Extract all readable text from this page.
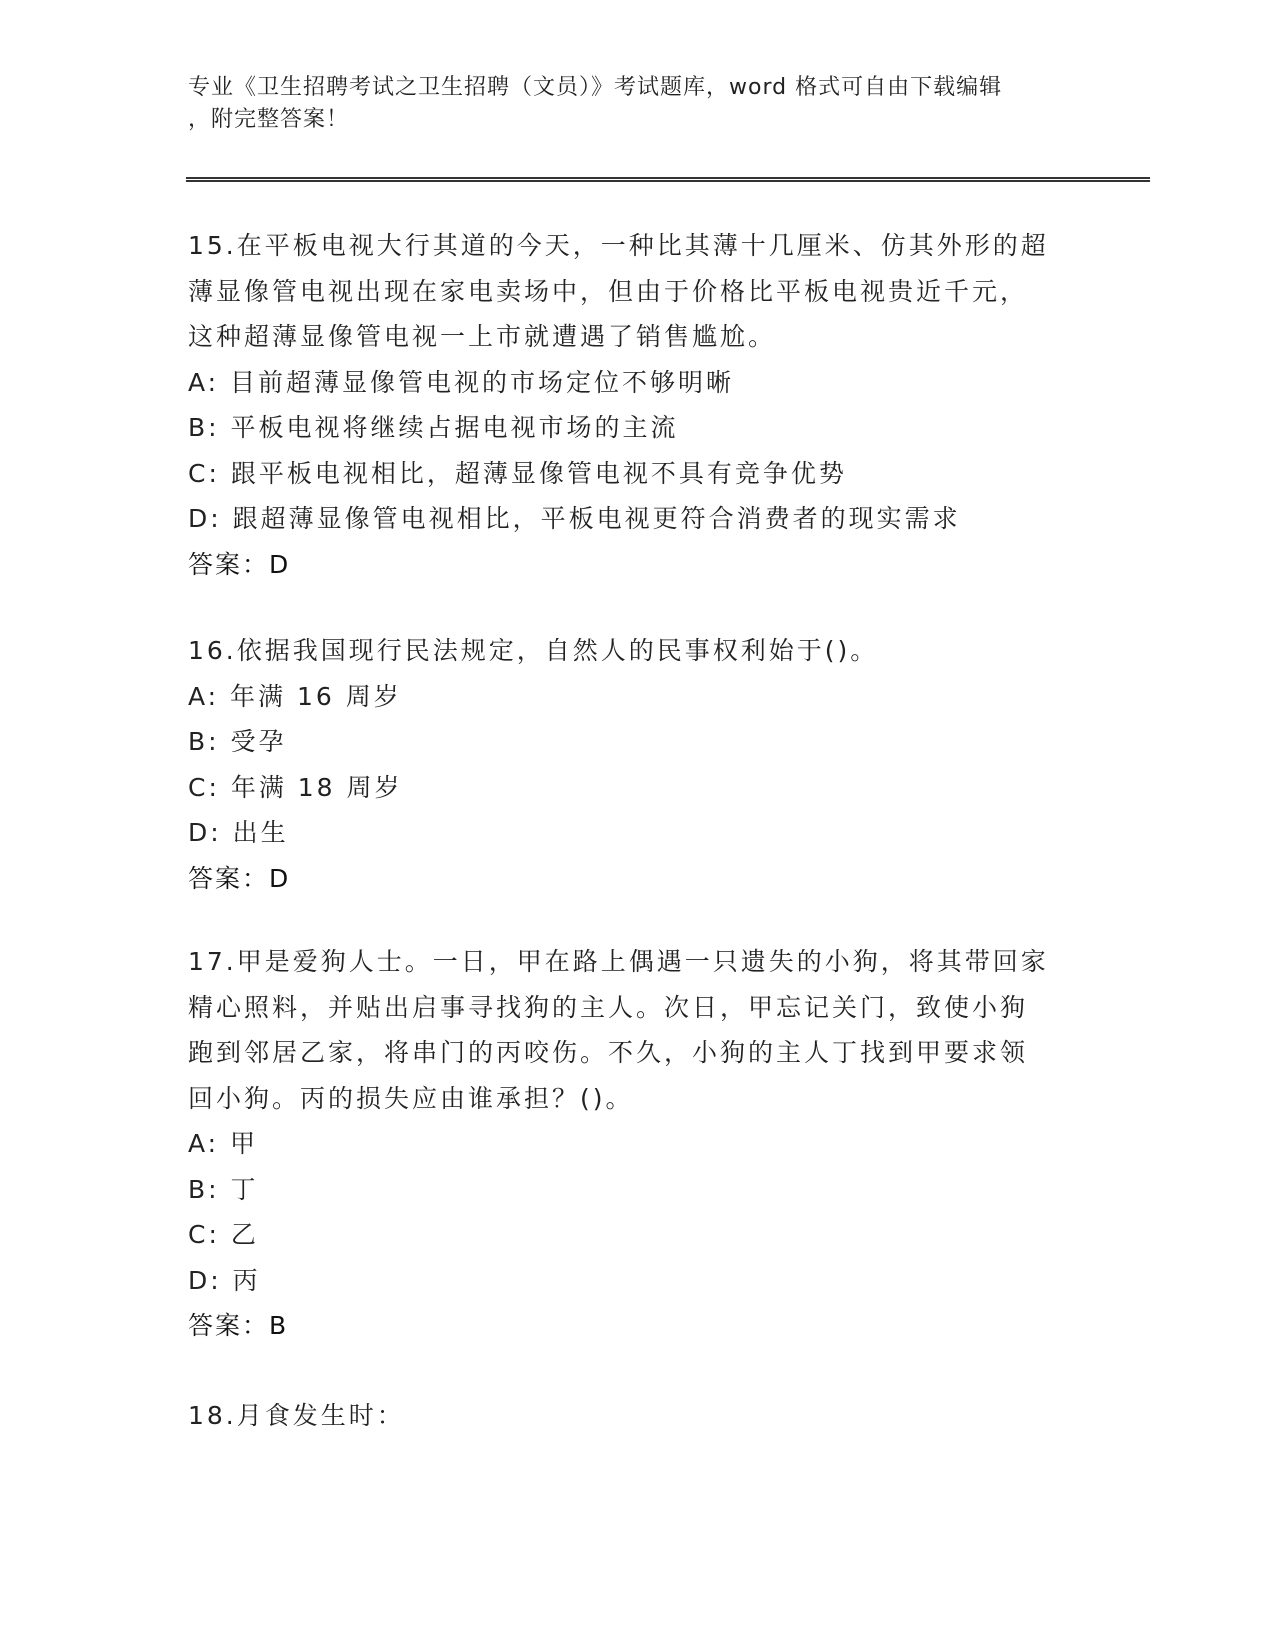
专业《卫生招聘考试之卫生招聘（文员）》考试题库，word 格式可自由下载编辑
，附完整答案！

15.在平板电视大行其道的今天，一种比其薄十几厘米、仿其外形的超

薄显像管电视出现在家电卖场中，但由于价格比平板电视贵近千元，

这种超薄显像管电视一上市就遭遇了销售尴尬。

A: 目前超薄显像管电视的市场定位不够明晰

B: 平板电视将继续占据电视市场的主流

C: 跟平板电视相比，超薄显像管电视不具有竞争优势

D: 跟超薄显像管电视相比，平板电视更符合消费者的现实需求

答案：D

16.依据我国现行民法规定，自然人的民事权利始于()。

A: 年满 16 周岁

B: 受孕

C: 年满 18 周岁

D: 出生

答案：D

17.甲是爱狗人士。一日，甲在路上偶遇一只遗失的小狗，将其带回家

精心照料，并贴出启事寻找狗的主人。次日，甲忘记关门，致使小狗

跑到邻居乙家，将串门的丙咬伤。不久，小狗的主人丁找到甲要求领

回小狗。丙的损失应由谁承担？()。

A: 甲

B: 丁

C: 乙

D: 丙

答案：B

18.月食发生时：
